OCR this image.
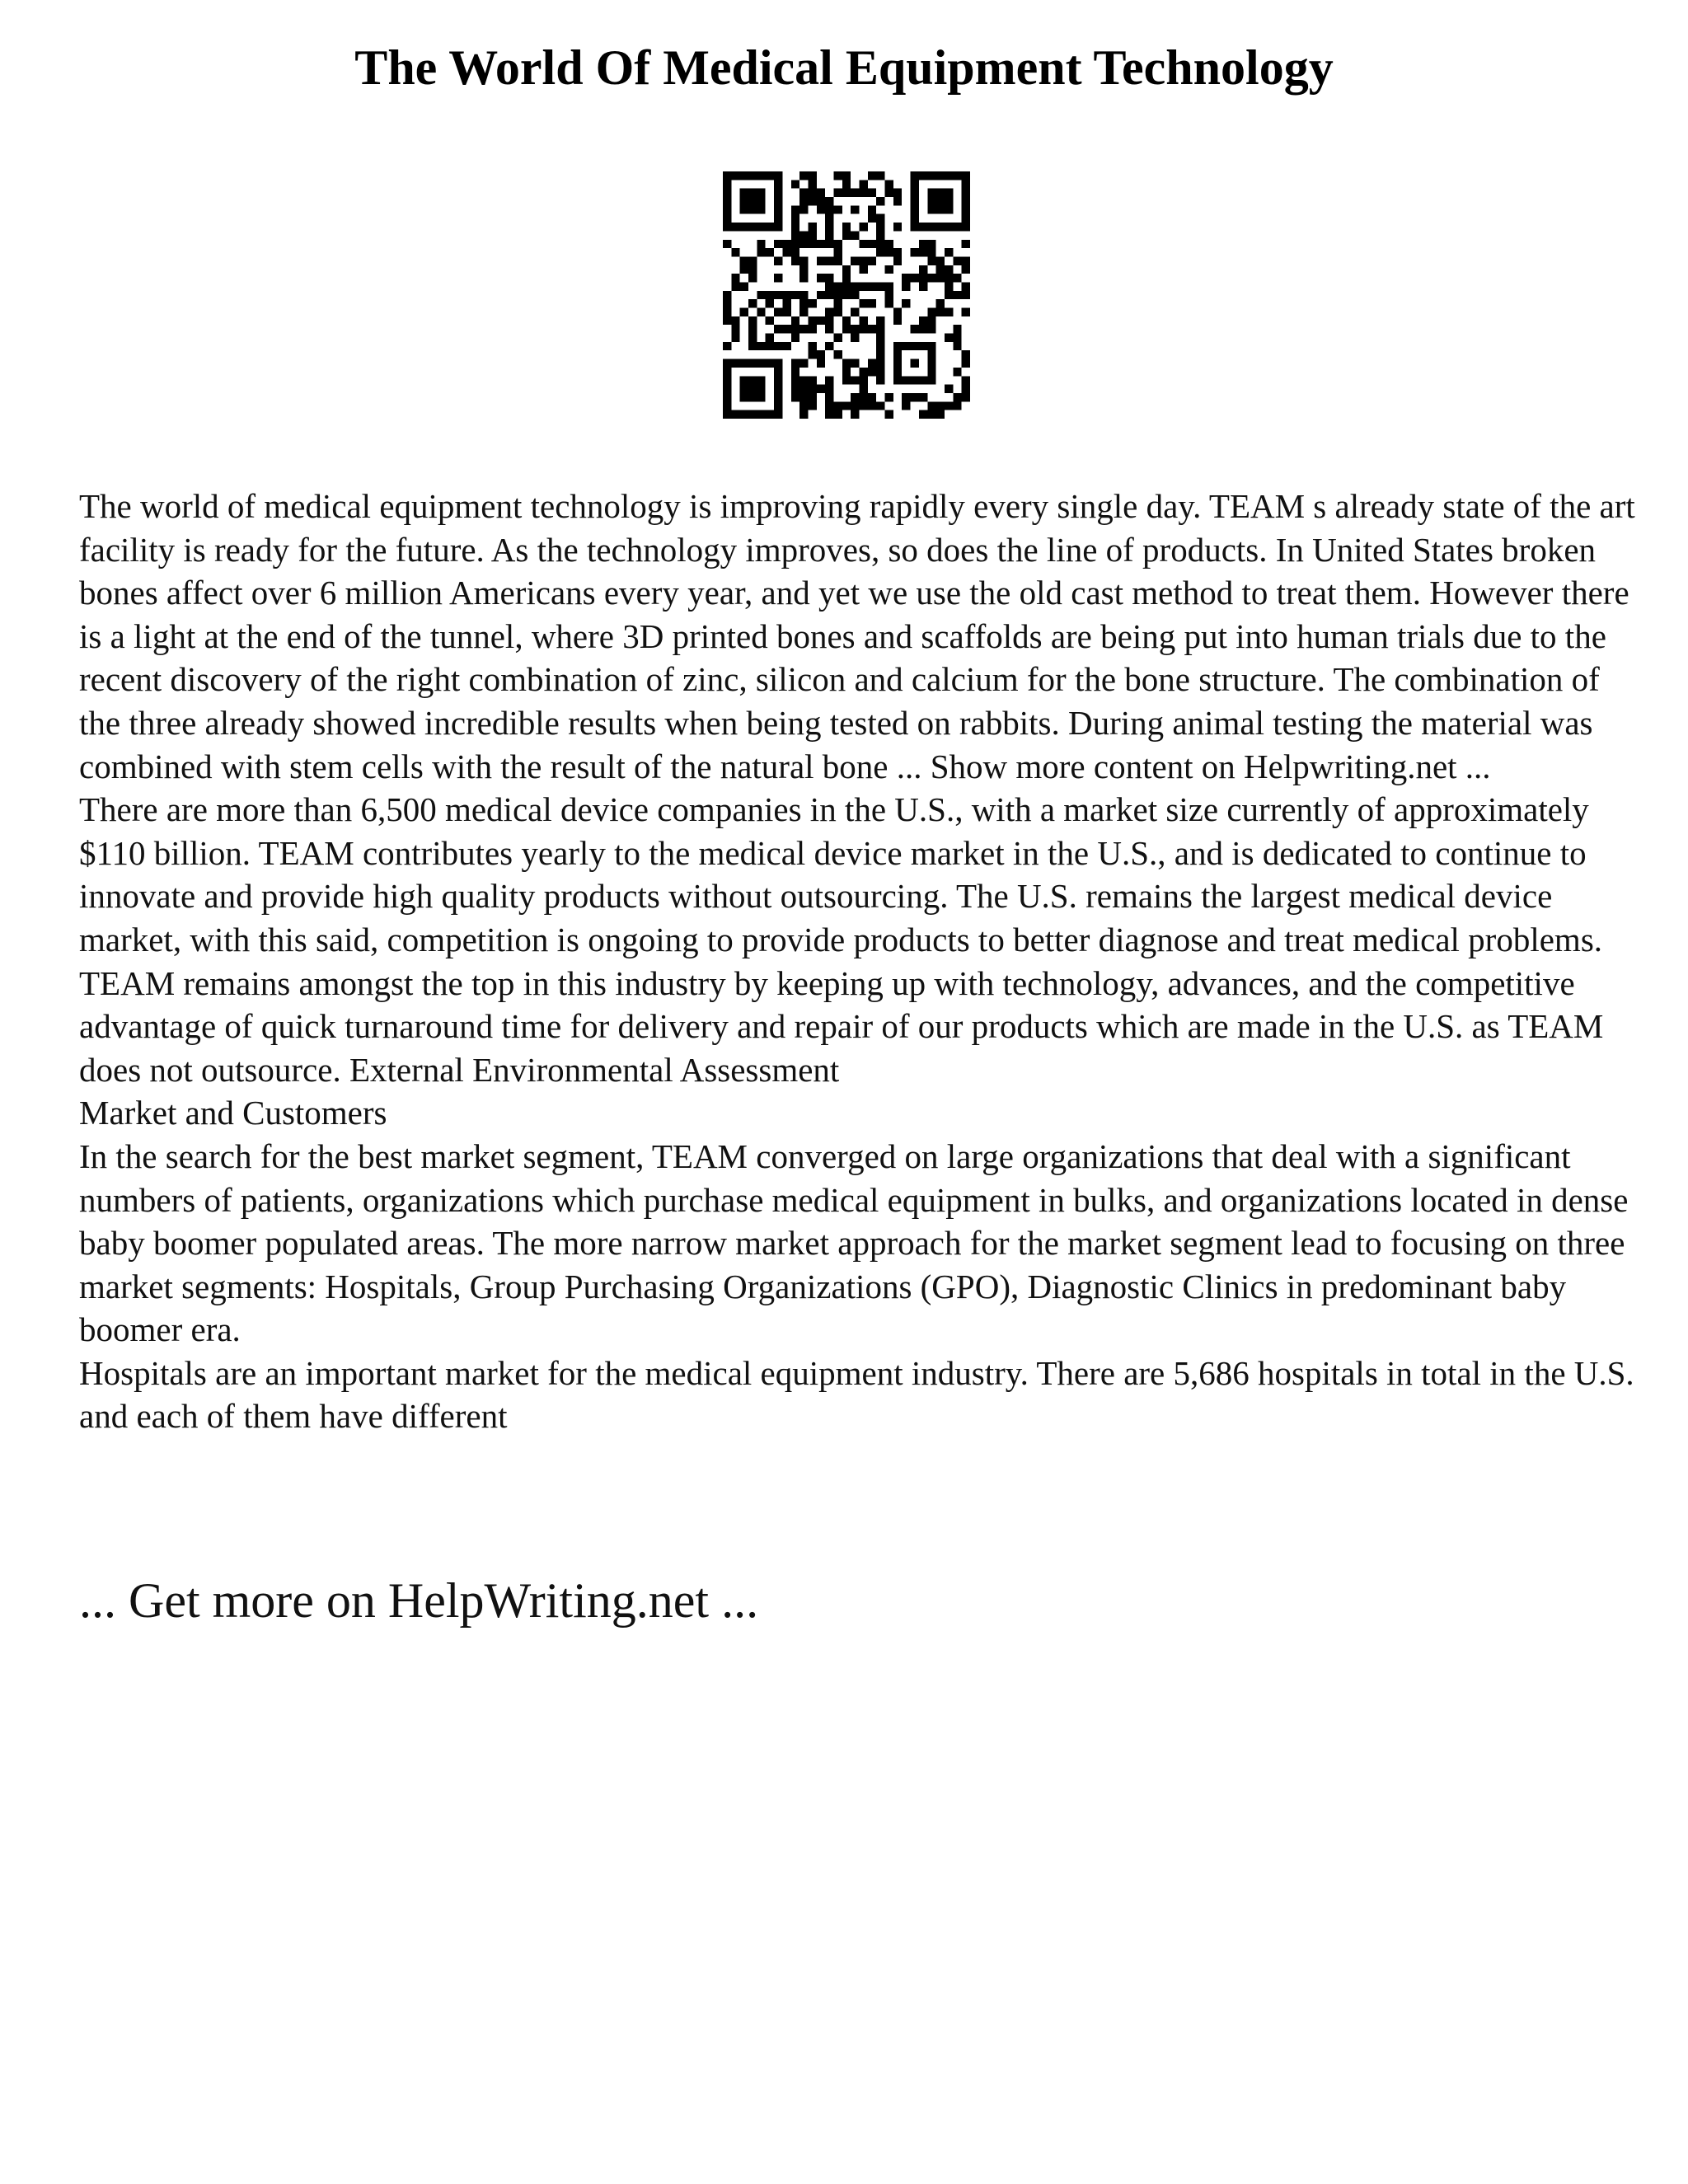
The World Of Medical Equipment Technology

The world of medical equipment technology is improving rapidly every single day. TEAM s already state of the art facility is ready for the future. As the technology improves, so does the line of products. In United States broken bones affect over 6 million Americans every year, and yet we use the old cast method to treat them. However there is a light at the end of the tunnel, where 3D printed bones and scaffolds are being put into human trials due to the recent discovery of the right combination of zinc, silicon and calcium for the bone structure. The combination of the three already showed incredible results when being tested on rabbits. During animal testing the material was combined with stem cells with the result of the natural bone ... Show more content on Helpwriting.net ...

There are more than 6,500 medical device companies in the U.S., with a market size currently of approximately $110 billion. TEAM contributes yearly to the medical device market in the U.S., and is dedicated to continue to innovate and provide high quality products without outsourcing. The U.S. remains the largest medical device market, with this said, competition is ongoing to provide products to better diagnose and treat medical problems. TEAM remains amongst the top in this industry by keeping up with technology, advances, and the competitive advantage of quick turnaround time for delivery and repair of our products which are made in the U.S. as TEAM does not outsource. External Environmental Assessment

Market and Customers

In the search for the best market segment, TEAM converged on large organizations that deal with a significant numbers of patients, organizations which purchase medical equipment in bulks, and organizations located in dense baby boomer populated areas. The more narrow market approach for the market segment lead to focusing on three market segments: Hospitals, Group Purchasing Organizations (GPO), Diagnostic Clinics in predominant baby boomer era.

Hospitals are an important market for the medical equipment industry. There are 5,686 hospitals in total in the U.S. and each of them have different

... Get more on HelpWriting.net ...
